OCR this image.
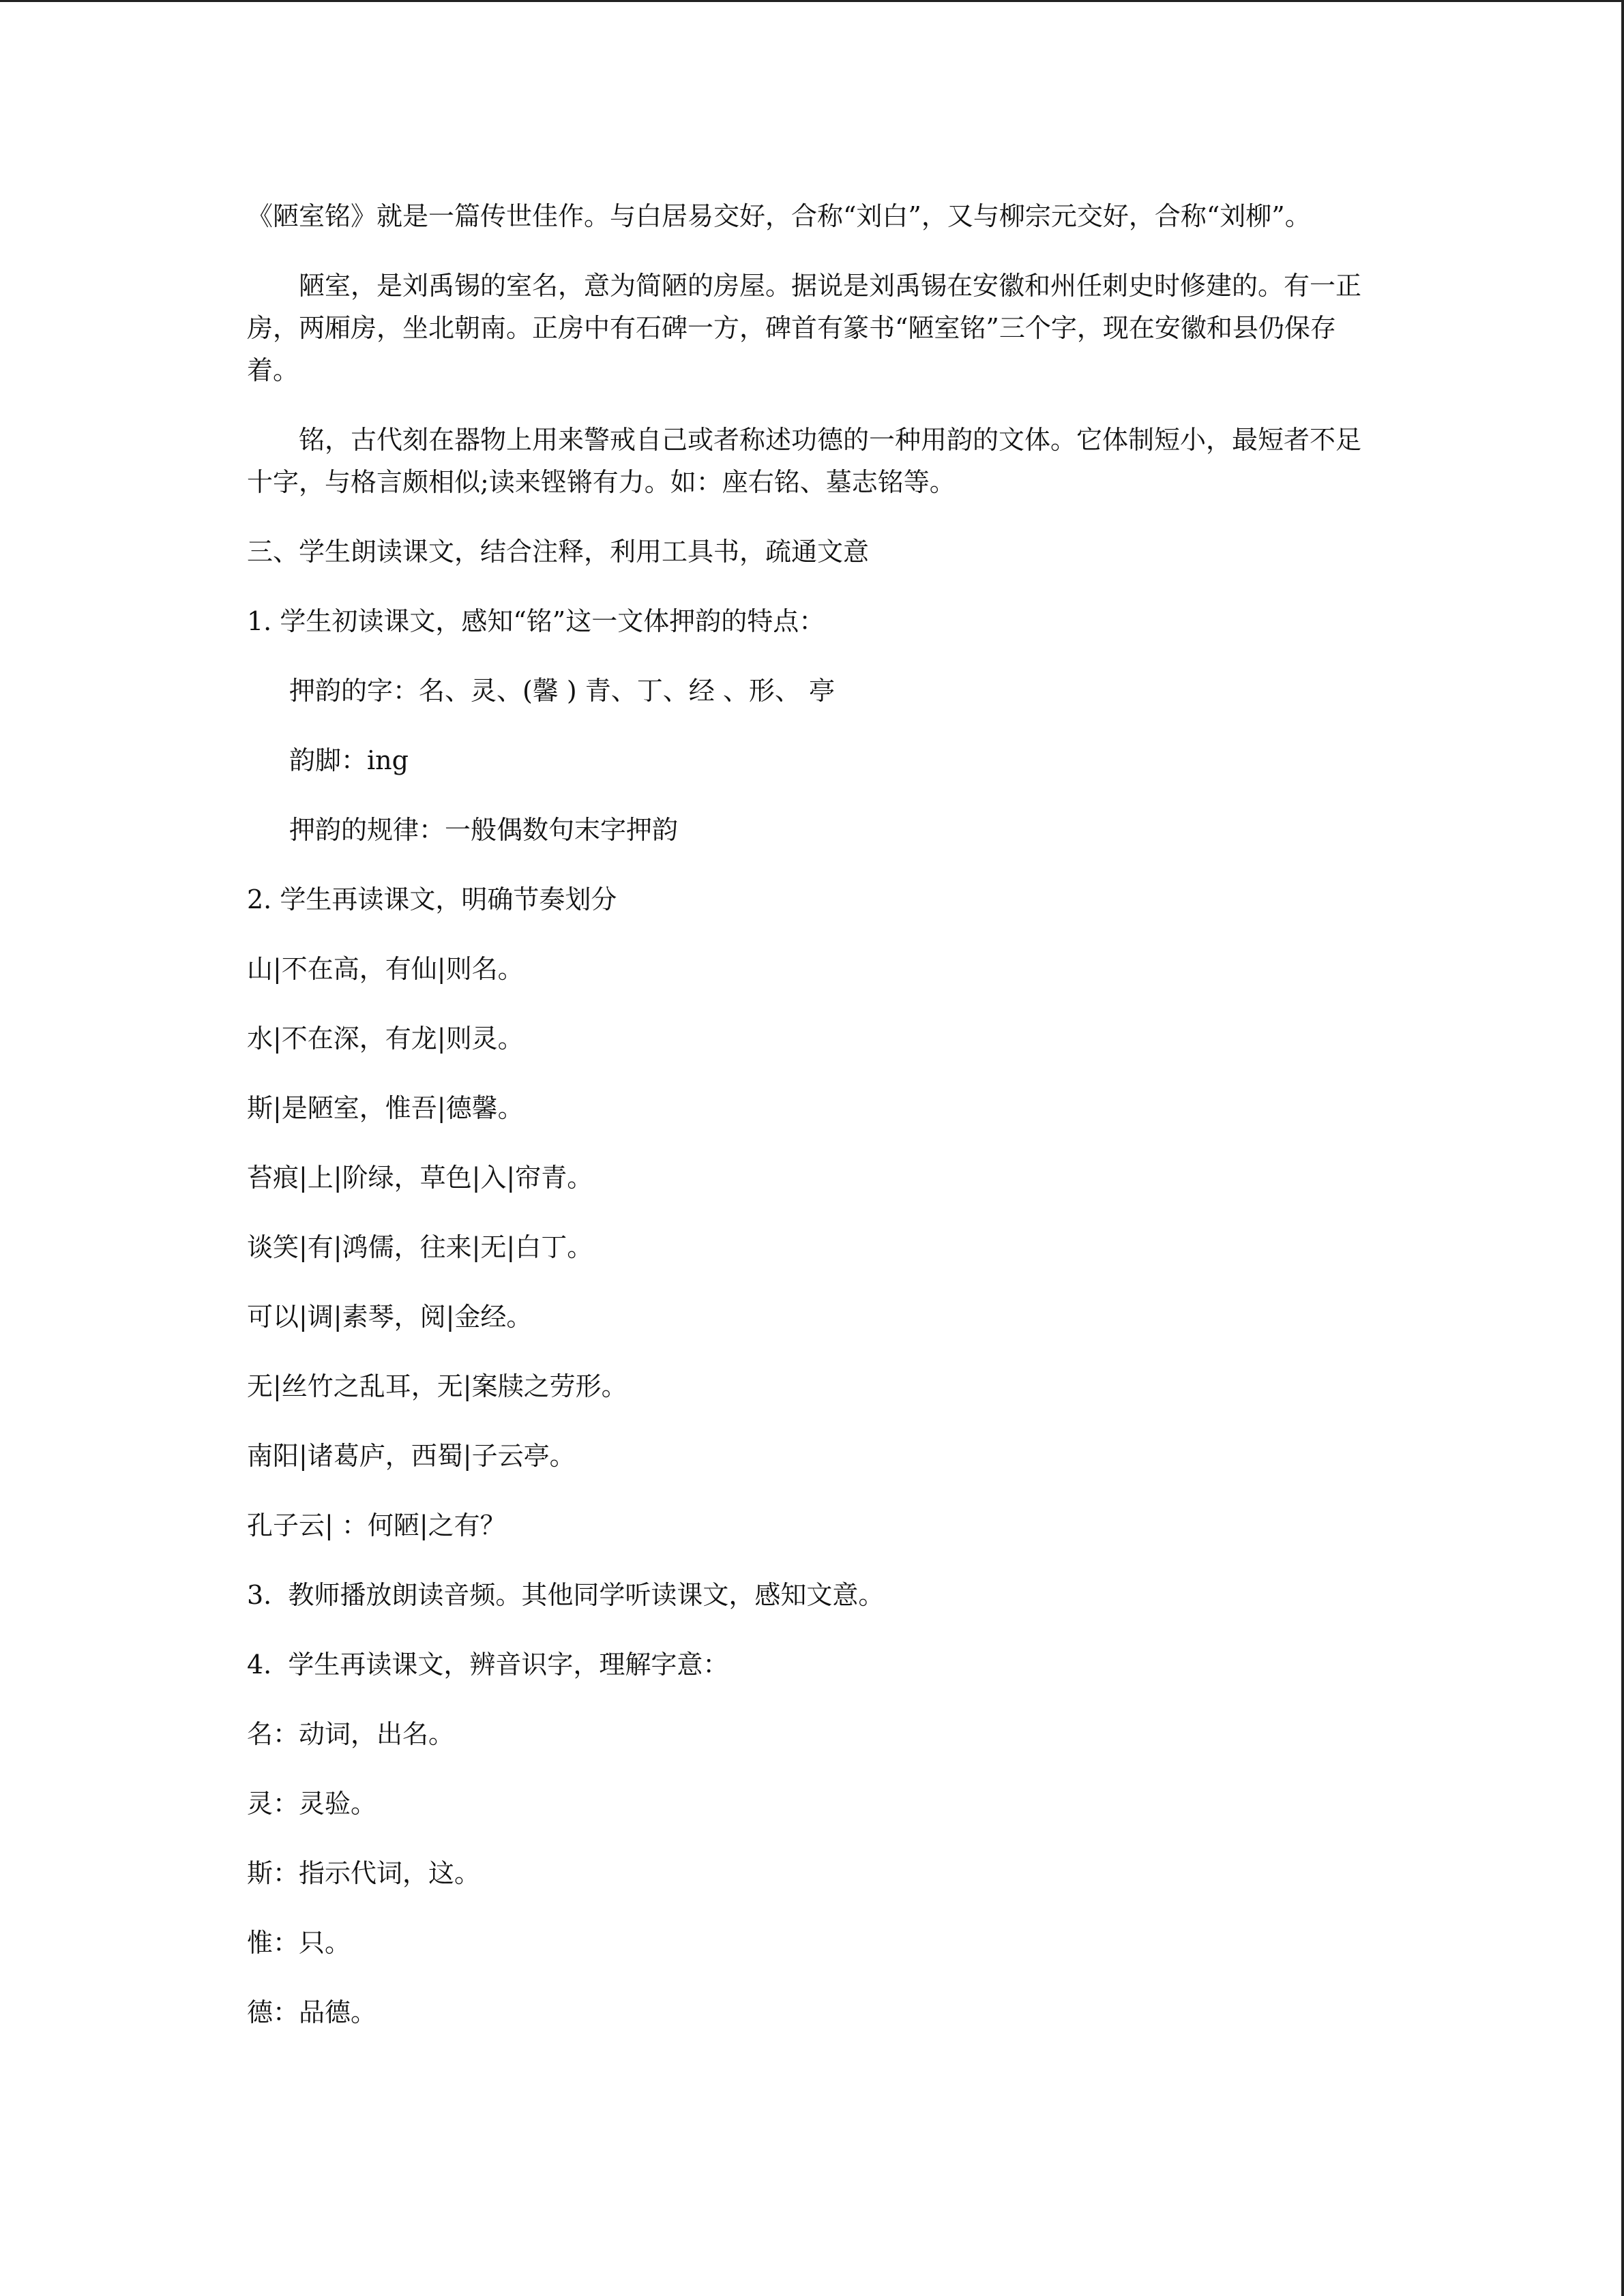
《陋室铭》就是一篇传世佳作。与白居易交好，合称“刘白”，又与柳宗元交好，合称“刘柳”。

陋室，是刘禹锡的室名，意为简陋的房屋。据说是刘禹锡在安徽和州任刺史时修建的。有一正房，两厢房，坐北朝南。正房中有石碑一方，碑首有篆书“陋室铭”三个字，现在安徽和县仍保存着。

铭，古代刻在器物上用来警戒自己或者称述功德的一种用韵的文体。它体制短小，最短者不足十字，与格言颇相似;读来铿锵有力。如：座右铭、墓志铭等。

三、学生朗读课文，结合注释，利用工具书，疏通文意

1. 学生初读课文，感知“铭”这一文体押韵的特点：

押韵的字：名、灵、(馨 ) 青、丁、经 、形、 亭

韵脚：ing

押韵的规律：一般偶数句末字押韵

2. 学生再读课文，明确节奏划分

山|不在高，有仙|则名。

水|不在深，有龙|则灵。

斯|是陋室，惟吾|德馨。

苔痕|上|阶绿，草色|入|帘青。

谈笑|有|鸿儒，往来|无|白丁。

可以|调|素琴，阅|金经。

无|丝竹之乱耳，无|案牍之劳形。

南阳|诸葛庐，西蜀|子云亭。

孔子云| ：何陋|之有？

3.  教师播放朗读音频。其他同学听读课文，感知文意。

4.  学生再读课文，辨音识字，理解字意：

名：动词，出名。

灵：灵验。

斯：指示代词，这。

惟：只。

德：品德。
